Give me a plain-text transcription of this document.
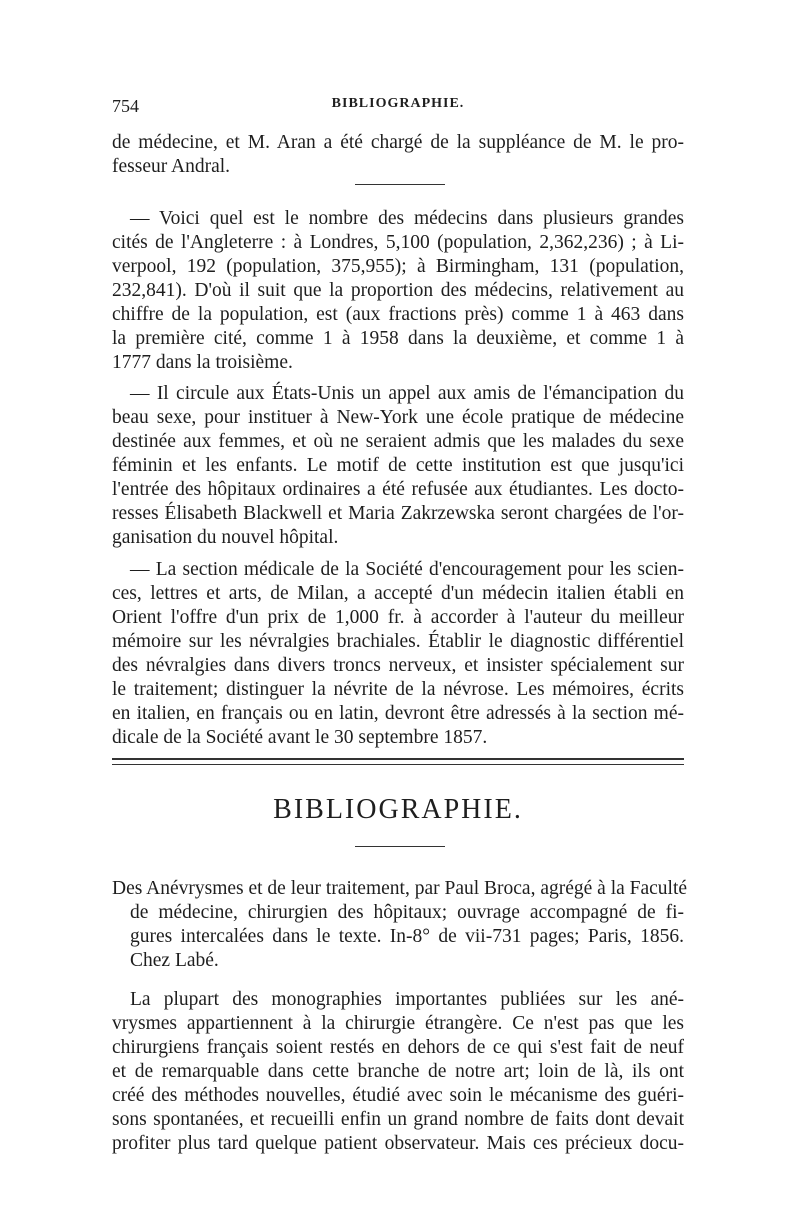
754	BIBLIOGRAPHIE.
de médecine, et M. Aran a été chargé de la suppléance de M. le pro-
fesseur Andral.
— Voici quel est le nombre des médecins dans plusieurs grandes
cités de l'Angleterre : à Londres, 5,100 (population, 2,362,236) ; à Li-
verpool, 192 (population, 375,955); à Birmingham, 131 (population,
232,841). D'où il suit que la proportion des médecins, relativement au
chiffre de la population, est (aux fractions près) comme 1 à 463 dans
la première cité, comme 1 à 1958 dans la deuxième, et comme 1 à
1777 dans la troisième.
— Il circule aux États-Unis un appel aux amis de l'émancipation du
beau sexe, pour instituer à New-York une école pratique de médecine
destinée aux femmes, et où ne seraient admis que les malades du sexe
féminin et les enfants. Le motif de cette institution est que jusqu'ici
l'entrée des hôpitaux ordinaires a été refusée aux étudiantes. Les docto-
resses Élisabeth Blackwell et Maria Zakrzewska seront chargées de l'or-
ganisation du nouvel hôpital.
— La section médicale de la Société d'encouragement pour les scien-
ces, lettres et arts, de Milan, a accepté d'un médecin italien établi en
Orient l'offre d'un prix de 1,000 fr. à accorder à l'auteur du meilleur
mémoire sur les névralgies brachiales. Établir le diagnostic différentiel
des névralgies dans divers troncs nerveux, et insister spécialement sur
le traitement; distinguer la névrite de la névrose. Les mémoires, écrits
en italien, en français ou en latin, devront être adressés à la section mé-
dicale de la Société avant le 30 septembre 1857.
BIBLIOGRAPHIE.
Des Anévrysmes et de leur traitement, par Paul Broca, agrégé à la Faculté
de médecine, chirurgien des hôpitaux; ouvrage accompagné de fi-
gures intercalées dans le texte. In-8° de vii-731 pages; Paris, 1856.
Chez Labé.
La plupart des monographies importantes publiées sur les ané-
vrysmes appartiennent à la chirurgie étrangère. Ce n'est pas que les
chirurgiens français soient restés en dehors de ce qui s'est fait de neuf
et de remarquable dans cette branche de notre art; loin de là, ils ont
créé des méthodes nouvelles, étudié avec soin le mécanisme des guéri-
sons spontanées, et recueilli enfin un grand nombre de faits dont devait
profiter plus tard quelque patient observateur. Mais ces précieux docu-
